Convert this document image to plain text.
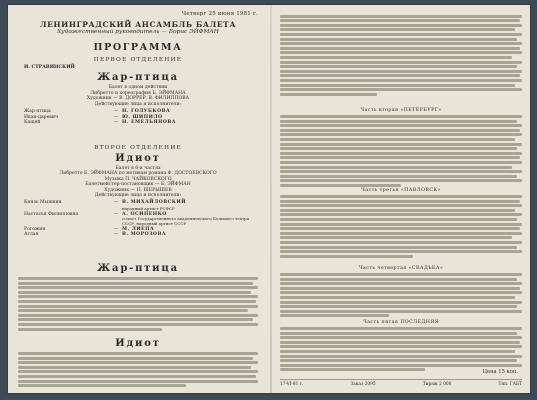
Четверг 25 июня 1981 г.
ЛЕНИНГРАДСКИЙ АНСАМБЛЬ БАЛЕТА
Художественный руководитель — Борис ЭЙФМАН
ПРОГРАММА
ПЕРВОЕ ОТДЕЛЕНИЕ
И. СТРАВИНСКИЙ
Жар-птица
Балет в одном действии
Либретто и хореография Б. ЭЙФМАНА
Художник — В. ДОРРЕР, В. ФИЛИППОВА
Действующие лица и исполнители:
Жар-птица	— Н. ГОЛУБКОВА
Иван-царевич	— Ю. ШИПИЛО
Кащей	— Н. ЕМЕЛЬЯНОВА
ВТОРОЕ ОТДЕЛЕНИЕ
Идиот
Балет в 6-и частях
Либретто Б. ЭЙФМАНА по мотивам романа Ф. ДОСТОЕВСКОГО
Музыка П. ЧАЙКОВСКОГО
Балетмейстер-постановщик — Б. ЭЙФМАН
Художник — П. ШЕРЫШЕВ
Действующие лица и исполнители:
Князь Мышкин	— В. МИХАЙЛОВСКИЙ
народный артист РСФСР
Настасья Филипповна	— А. ОСИПЕНКО
солист Государственного академического Большого театра СССР, народный артист СССР
Рогожин	— М. ЛИЕПА
Аглая	— В. МОРОЗОВА
Жар-птица
Идиот
Часть вторая «ПЕТЕРБУРГ»
Часть третья «ПАВЛОВСК»
Часть четвертая «СВАДЬБА»
Часть пятая ПОСЛЕДНЯЯ
Цена 15 коп.
17-VI-81 г.	Заказ 2095	Тираж 2 000	Тип. ГАБТ
